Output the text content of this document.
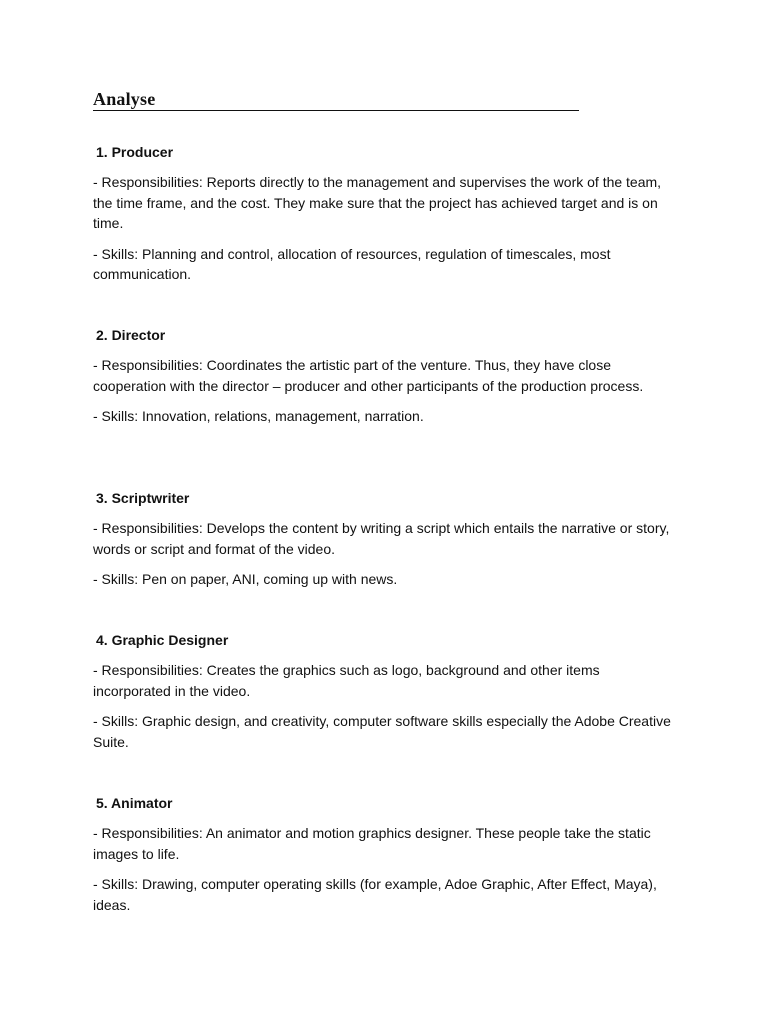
Analyse

1. Producer

- Responsibilities: Reports directly to the management and supervises the work of the team, the time frame, and the cost. They make sure that the project has achieved target and is on time.

- Skills: Planning and control, allocation of resources, regulation of timescales, most communication.

2. Director

- Responsibilities: Coordinates the artistic part of the venture. Thus, they have close cooperation with the director – producer and other participants of the production process.

- Skills: Innovation, relations, management, narration.

3. Scriptwriter

- Responsibilities: Develops the content by writing a script which entails the narrative or story, words or script and format of the video.

- Skills: Pen on paper, ANI, coming up with news.

4. Graphic Designer

- Responsibilities: Creates the graphics such as logo, background and other items incorporated in the video.

- Skills: Graphic design, and creativity, computer software skills especially the Adobe Creative Suite.

5. Animator

- Responsibilities: An animator and motion graphics designer. These people take the static images to life.

- Skills: Drawing, computer operating skills (for example, Adoe Graphic, After Effect, Maya), ideas.
